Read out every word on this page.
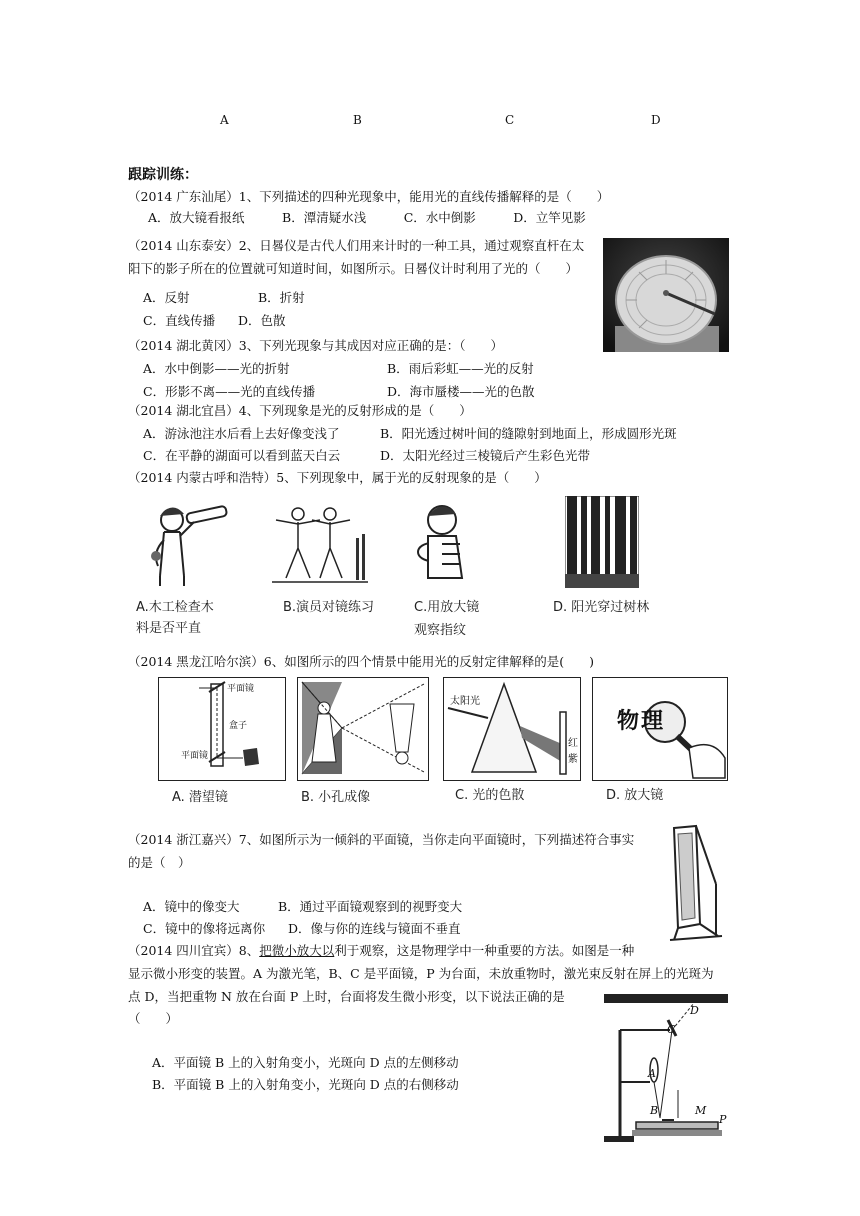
A	B	C	D
跟踪训练：
（2014 广东汕尾）1、下列描述的四种光现象中，能用光的直线传播解释的是（　　）
A．放大镜看报纸　　　B．潭清疑水浅　　　C．水中倒影　　　D．立竿见影
（2014 山东泰安）2、日晷仪是古代人们用来计时的一种工具，通过观察直杆在太
阳下的影子所在的位置就可知道时间，如图所示。日晷仪计时利用了光的（　　）
A．反射	B．折射
C．直线传播 D．色散
（2014 湖北黄冈）3、下列光现象与其成因对应正确的是：（　　）
A．水中倒影——光的折射	B．雨后彩虹——光的反射
C．形影不离——光的直线传播	D．海市蜃楼——光的色散
（2014 湖北宜昌）4、下列现象是光的反射形成的是（　　）
A．游泳池注水后看上去好像变浅了	B．阳光透过树叶间的缝隙射到地面上，形成圆形光斑
C．在平静的湖面可以看到蓝天白云	D．太阳光经过三棱镜后产生彩色光带
（2014 内蒙古呼和浩特）5、下列现象中，属于光的反射现象的是（　　）
A.木工检查木
料是否平直
B.演员对镜练习	C.用放大镜
观察指纹
D. 阳光穿过树林
（2014 黑龙江哈尔滨）6、如图所示的四个情景中能用光的反射定律解释的是(　　)
平面镜
盒子
平面镜
太阳光
红
紫
物理
A. 潜望镜	B. 小孔成像	C. 光的色散	D. 放大镜
（2014 浙江嘉兴）7、如图所示为一倾斜的平面镜，当你走向平面镜时，下列描述符合事实
的是（　）
A．镜中的像变大	B．通过平面镜观察到的视野变大
C．镜中的像将远离你 D．像与你的连线与镜面不垂直
（2014 四川宜宾）8、把微小放大以利于观察，这是物理学中一种重要的方法。如图是一种
显示微小形变的装置。A 为激光笔，B、C 是平面镜，P 为台面，未放重物时，激光束反射在屏上的光斑为
点 D，当把重物 N 放在台面 P 上时，台面将发生微小形变，以下说法正确的是
（　　）
A．平面镜 B 上的入射角变小，光斑向 D 点的左侧移动
B．平面镜 B 上的入射角变小，光斑向 D 点的右侧移动
D
C
A
B	M
P
